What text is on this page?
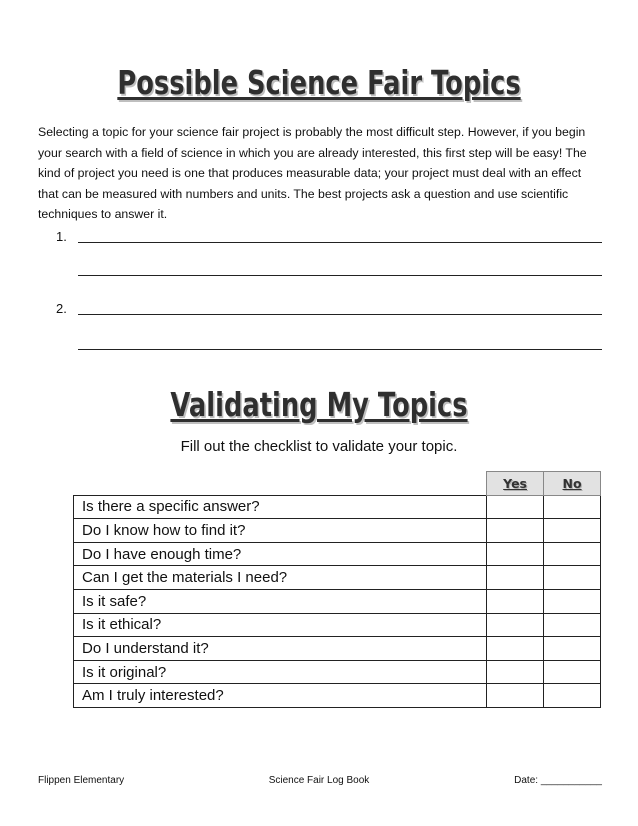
Possible Science Fair Topics
Selecting a topic for your science fair project is probably the most difficult step. However, if you begin your search with a field of science in which you are already interested, this first step will be easy! The kind of project you need is one that produces measurable data; your project must deal with an effect that can be measured with numbers and units. The best projects ask a question and use scientific techniques to answer it.
1.
2.
Validating My Topics
Fill out the checklist to validate your topic.
	Yes	No
Is there a specific answer?		
Do I know how to find it?		
Do I have enough time?		
Can I get the materials I need?		
Is it safe?		
Is it ethical?		
Do I understand it?		
Is it original?		
Am I truly interested?		
Flippen Elementary	Science Fair Log Book	Date: ___________
